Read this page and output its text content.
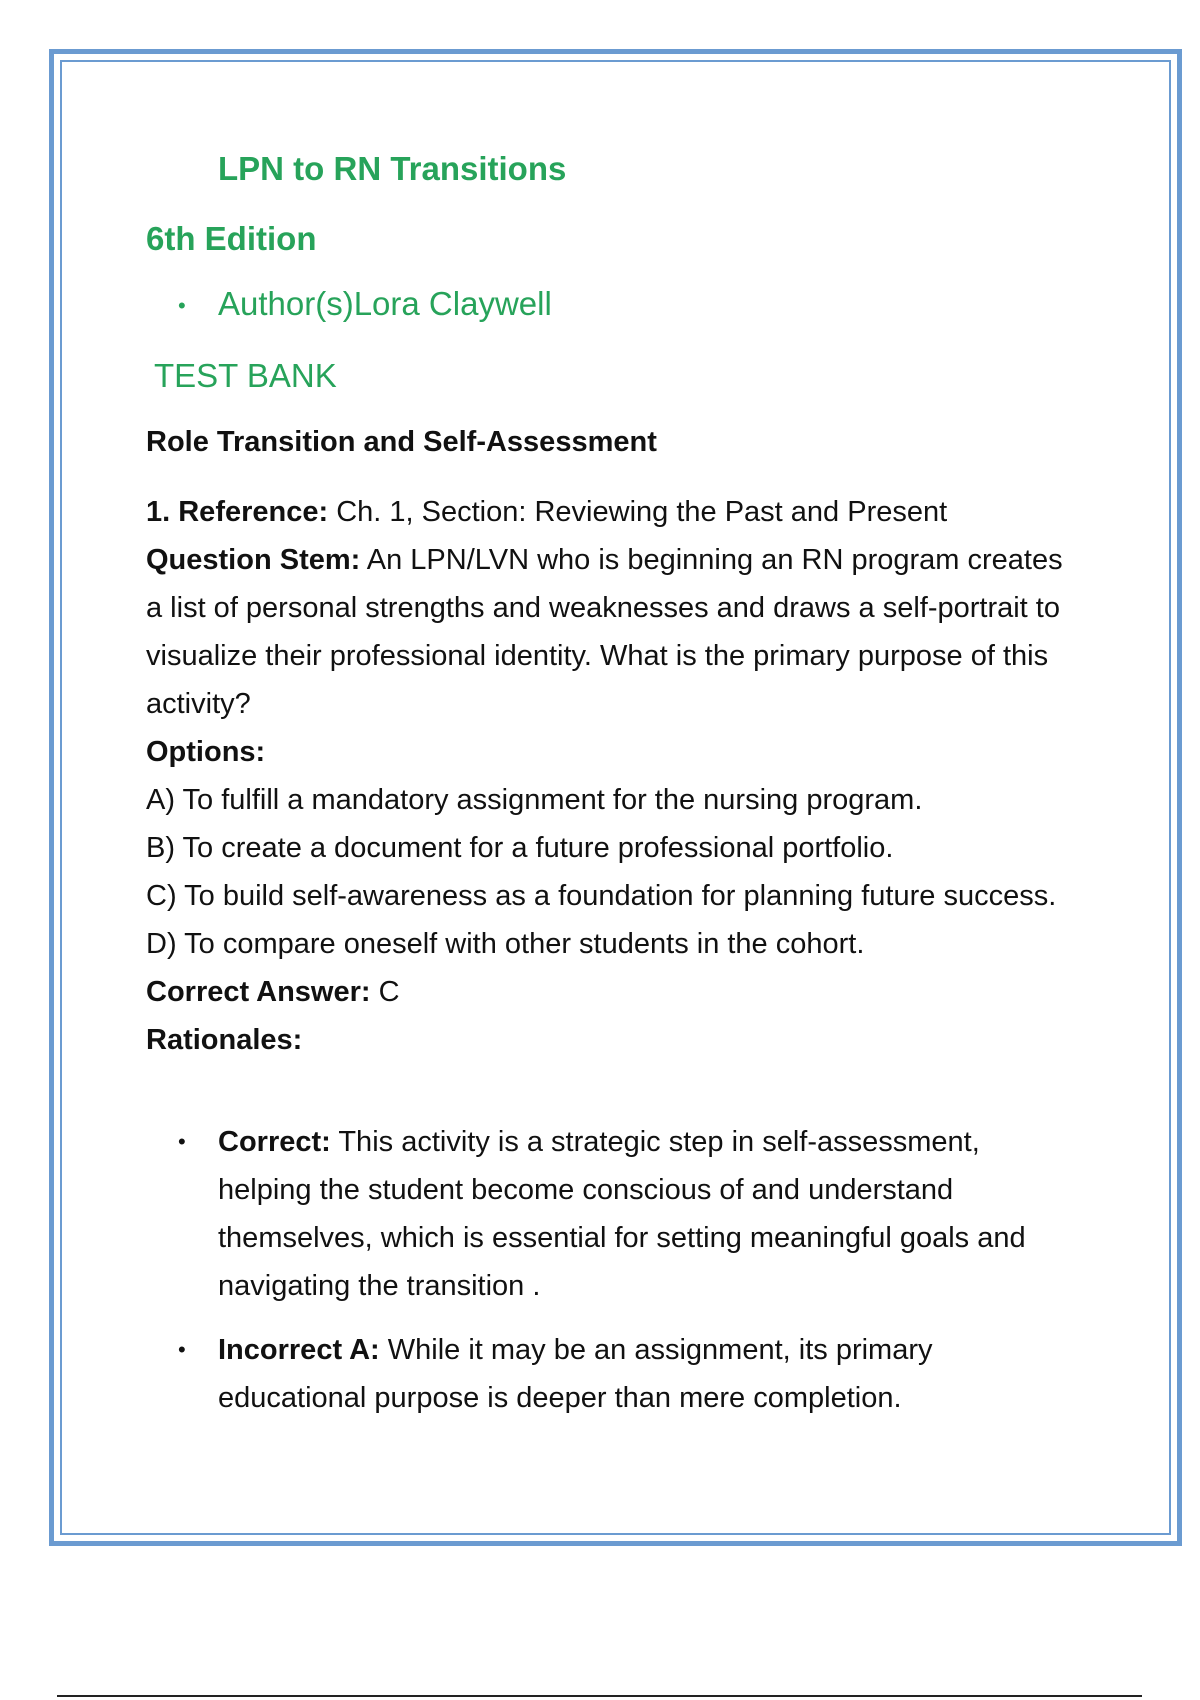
LPN to RN Transitions
6th Edition
• Author(s)Lora Claywell
TEST BANK
Role Transition and Self-Assessment

1. Reference: Ch. 1, Section: Reviewing the Past and Present

Question Stem: An LPN/LVN who is beginning an RN program creates a list of personal strengths and weaknesses and draws a self-portrait to visualize their professional identity. What is the primary purpose of this activity?

Options:

A) To fulfill a mandatory assignment for the nursing program.

B) To create a document for a future professional portfolio.

C) To build self-awareness as a foundation for planning future success.

D) To compare oneself with other students in the cohort.

Correct Answer: C

Rationales:

• Correct: This activity is a strategic step in self-assessment, helping the student become conscious of and understand themselves, which is essential for setting meaningful goals and navigating the transition .
• Incorrect A: While it may be an assignment, its primary educational purpose is deeper than mere completion.
